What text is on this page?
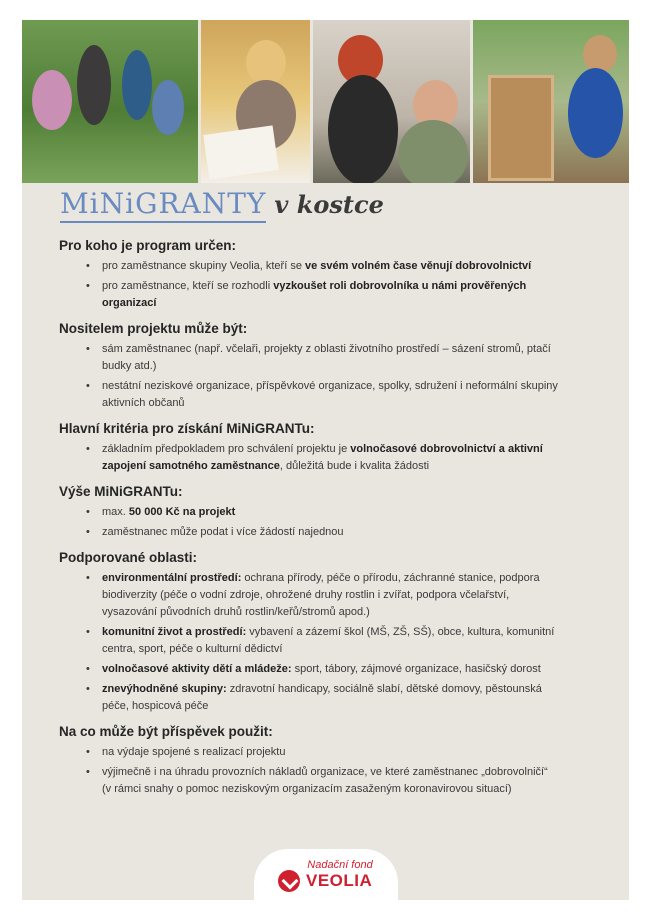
Nadační fond
VEOLIA
MiNiGRANTY v kostce
Pro koho je program určen:
• pro zaměstnance skupiny Veolia, kteří se ve svém volném čase věnují dobrovolnictví
• pro zaměstnance, kteří se rozhodli vyzkoušet roli dobrovolníka u námi prověřených organizací
Nositelem projektu může být:
• sám zaměstnanec (např. včelaři, projekty z oblasti životního prostředí – sázení stromů, ptačí budky atd.)
• nestátní neziskové organizace, příspěvkové organizace, spolky, sdružení i neformální skupiny aktivních občanů
Hlavní kritéria pro získání MiNiGRANTu:
• základním předpokladem pro schválení projektu je volnočasové dobrovolnictví a aktivní zapojení samotného zaměstnance, důležitá bude i kvalita žádosti
Výše MiNiGRANTu:
• max. 50 000 Kč na projekt
• zaměstnanec může podat i více žádostí najednou
Podporované oblasti:
• environmentální prostředí: ochrana přírody, péče o přírodu, záchranné stanice, podpora biodiverzity (péče o vodní zdroje, ohrožené druhy rostlin i zvířat, podpora včelařství, vysazování původních druhů rostlin/keřů/stromů apod.)
• komunitní život a prostředí: vybavení a zázemí škol (MŠ, ZŠ, SŠ), obce, kultura, komunitní centra, sport, péče o kulturní dědictví
• volnočasové aktivity dětí a mládeže: sport, tábory, zájmové organizace, hasičský dorost
• znevýhodněné skupiny: zdravotní handicapy, sociálně slabí, dětské domovy, pěstounská péče, hospicová péče
Na co může být příspěvek použit:
• na výdaje spojené s realizací projektu
• výjimečně i na úhradu provozních nákladů organizace, ve které zaměstnanec „dobrovolničí“ (v rámci snahy o pomoc neziskovým organizacím zasaženým koronavirovou situací)
